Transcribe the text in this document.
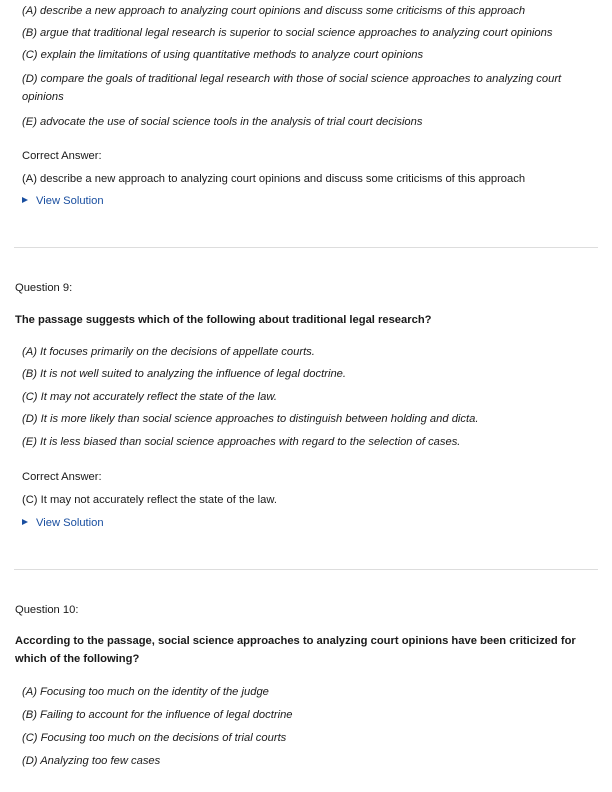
(A) describe a new approach to analyzing court opinions and discuss some criticisms of this approach
(B) argue that traditional legal research is superior to social science approaches to analyzing court opinions
(C) explain the limitations of using quantitative methods to analyze court opinions
(D) compare the goals of traditional legal research with those of social science approaches to analyzing court opinions
(E) advocate the use of social science tools in the analysis of trial court decisions
Correct Answer:
(A) describe a new approach to analyzing court opinions and discuss some criticisms of this approach
View Solution
Question 9:
The passage suggests which of the following about traditional legal research?
(A) It focuses primarily on the decisions of appellate courts.
(B) It is not well suited to analyzing the influence of legal doctrine.
(C) It may not accurately reflect the state of the law.
(D) It is more likely than social science approaches to distinguish between holding and dicta.
(E) It is less biased than social science approaches with regard to the selection of cases.
Correct Answer:
(C) It may not accurately reflect the state of the law.
View Solution
Question 10:
According to the passage, social science approaches to analyzing court opinions have been criticized for which of the following?
(A) Focusing too much on the identity of the judge
(B) Failing to account for the influence of legal doctrine
(C) Focusing too much on the decisions of trial courts
(D) Analyzing too few cases
